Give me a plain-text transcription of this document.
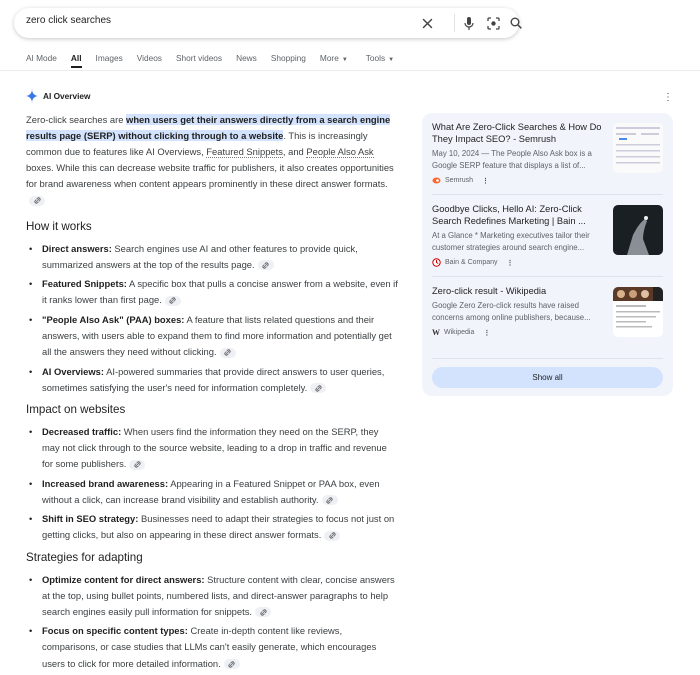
zero click searches
AI Mode All Images Videos Short videos News Shopping More ▼ Tools ▼
AI Overview	⋮

Zero-click searches are when users get their answers directly from a search engine results page (SERP) without clicking through to a website. This is increasingly common due to features like AI Overviews, Featured Snippets, and People Also Ask boxes. While this can decrease website traffic for publishers, it also creates opportunities for brand awareness when content appears prominently in these direct answer formats.

How it works
• Direct answers: Search engines use AI and other features to provide quick, summarized answers at the top of the results page.
• Featured Snippets: A specific box that pulls a concise answer from a website, even if it ranks lower than first page.
• "People Also Ask" (PAA) boxes: A feature that lists related questions and their answers, with users able to expand them to find more information and potentially get all the answers they need without clicking.
• AI Overviews: AI-powered summaries that provide direct answers to user queries, sometimes satisfying the user's need for information completely.
Impact on websites
• Decreased traffic: When users find the information they need on the SERP, they may not click through to the source website, leading to a drop in traffic and revenue for some publishers.
• Increased brand awareness: Appearing in a Featured Snippet or PAA box, even without a click, can increase brand visibility and establish authority.
• Shift in SEO strategy: Businesses need to adapt their strategies to focus not just on getting clicks, but also on appearing in these direct answer formats.
Strategies for adapting
• Optimize content for direct answers: Structure content with clear, concise answers at the top, using bullet points, numbered lists, and direct-answer paragraphs to help search engines easily pull information for snippets.
• Focus on specific content types: Create in-depth content like reviews, comparisons, or case studies that LLMs can't easily generate, which encourages users to click for more detailed information.
What Are Zero-Click Searches & How Do They Impact SEO? - Semrush
May 10, 2024 — The People Also Ask box is a Google SERP feature that displays a list of...
Semrush ⋮
Goodbye Clicks, Hello AI: Zero-Click Search Redefines Marketing | Bain ...
At a Glance * Marketing executives tailor their customer strategies around search engine...
Bain & Company ⋮
Zero-click result - Wikipedia
Google Zero Zero-click results have raised concerns among online publishers, because...
W Wikipedia ⋮
Show all
